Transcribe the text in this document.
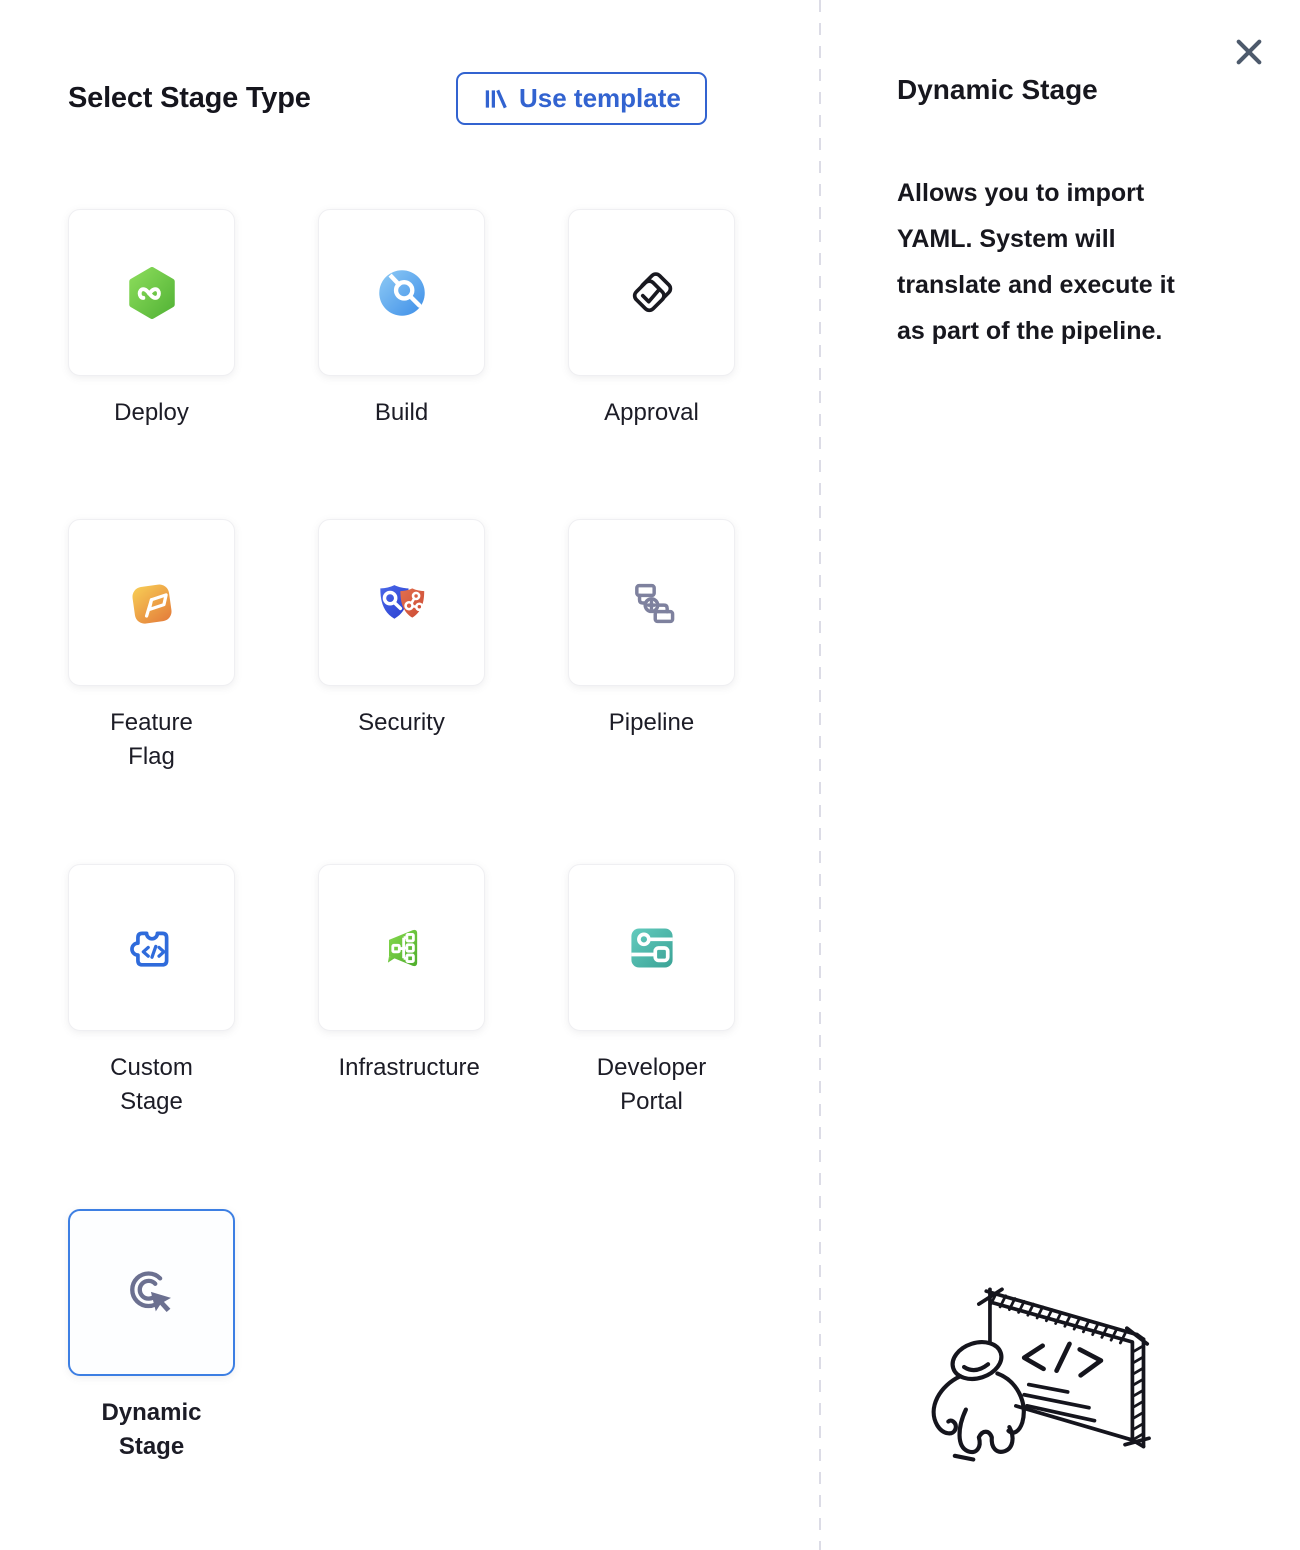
Select Stage Type	Use template
Deploy	Build	Approval
Feature Flag
Security	Pipeline
Custom Stage
Infrastructure	Developer Portal
Dynamic Stage
Dynamic Stage

Allows you to import YAML. System will translate and execute it as part of the pipeline.
